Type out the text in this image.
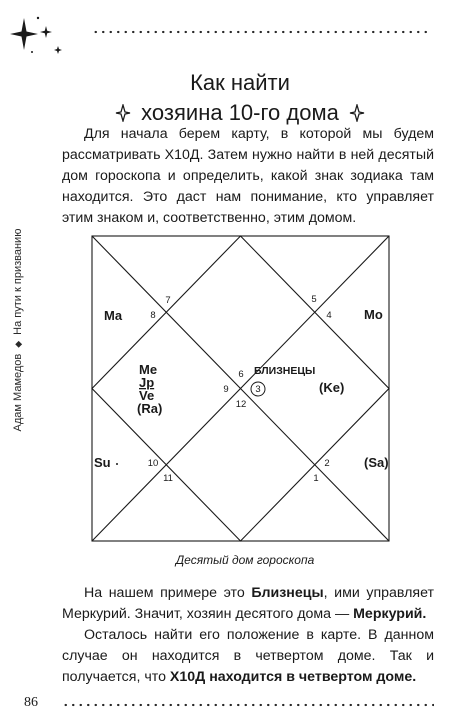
Адам Мамедов
◆
На пути к призванию
Как найти
хозяина 10-го дома

Для начала берем карту, в которой мы будем рассматривать Х10Д. Затем нужно найти в ней десятый дом гороскопа и определить, какой знак зодиака там находится. Это даст нам понимание, кто управляет этим знаком и, соответственно, этим домом.

Ma	Mo
Su	(Sa)
(Ke)
Me
Jp
Ve
(Ra)
БЛИЗНЕЦЫ
1
2
3
4
5
6
7
8
9
10
11
12
Десятый дом гороскопа

На нашем примере это Близнецы, ими управляет Меркурий. Значит, хозяин десятого дома — Меркурий.

Осталось найти его положение в карте. В данном случае он находится в четвертом доме. Так и получается, что Х10Д находится в четвертом доме.

86
